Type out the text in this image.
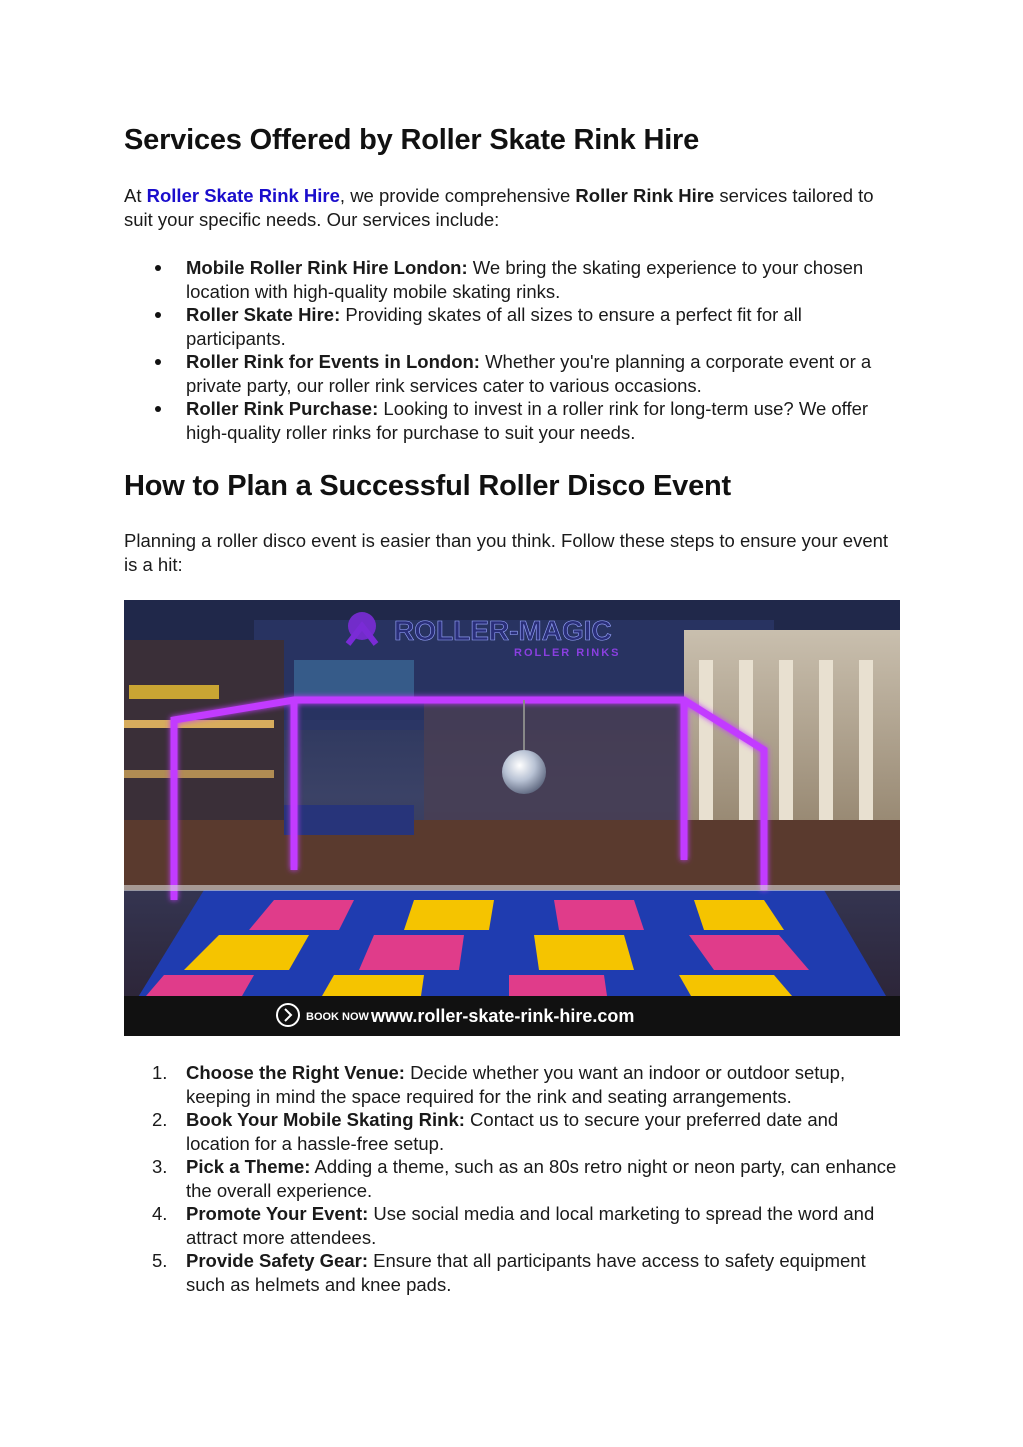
Services Offered by Roller Skate Rink Hire

At Roller Skate Rink Hire, we provide comprehensive Roller Rink Hire services tailored to suit your specific needs. Our services include:

Mobile Roller Rink Hire London: We bring the skating experience to your chosen location with high-quality mobile skating rinks.
Roller Skate Hire: Providing skates of all sizes to ensure a perfect fit for all participants.
Roller Rink for Events in London: Whether you're planning a corporate event or a private party, our roller rink services cater to various occasions.
Roller Rink Purchase: Looking to invest in a roller rink for long-term use? We offer high-quality roller rinks for purchase to suit your needs.
How to Plan a Successful Roller Disco Event

Planning a roller disco event is easier than you think. Follow these steps to ensure your event is a hit:

ROLLER-MAGIC
ROLLER RINKS
BOOK NOW www.roller-skate-rink-hire.com
1. Choose the Right Venue: Decide whether you want an indoor or outdoor setup, keeping in mind the space required for the rink and seating arrangements.
2. Book Your Mobile Skating Rink: Contact us to secure your preferred date and location for a hassle-free setup.
3. Pick a Theme: Adding a theme, such as an 80s retro night or neon party, can enhance the overall experience.
4. Promote Your Event: Use social media and local marketing to spread the word and attract more attendees.
5. Provide Safety Gear: Ensure that all participants have access to safety equipment such as helmets and knee pads.
